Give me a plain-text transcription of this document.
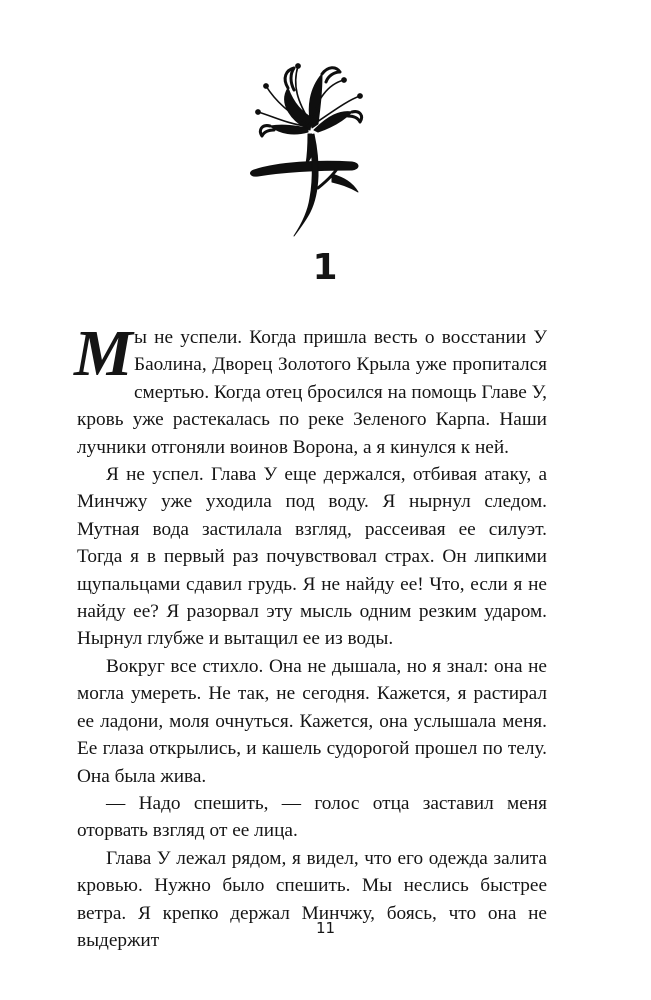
1

М ы не успели. Когда пришла весть о восстании У Баолина, Дворец Золотого Крыла уже пропитался смертью. Когда отец бросился на помощь Главе У, кровь уже растекалась по реке Зеленого Карпа. Наши лучники отгоняли воинов Ворона, а я кинулся к ней.

Я не успел. Глава У еще держался, отбивая атаку, а Минчжу уже уходила под воду. Я нырнул следом. Мутная вода застилала взгляд, рассеивая ее силуэт. Тогда я в первый раз почувствовал страх. Он липкими щупальцами сдавил грудь. Я не найду ее! Что, если я не найду ее? Я разорвал эту мысль одним резким ударом. Нырнул глубже и вытащил ее из воды.

Вокруг все стихло. Она не дышала, но я знал: она не могла умереть. Не так, не сегодня. Кажется, я растирал ее ладони, моля очнуться. Кажется, она услышала меня. Ее глаза открылись, и кашель судорогой прошел по телу. Она была жива.

— Надо спешить, — голос отца заставил меня оторвать взгляд от ее лица.

Глава У лежал рядом, я видел, что его одежда залита кровью. Нужно было спешить. Мы неслись быстрее ветра. Я крепко держал Минчжу, боясь, что она не выдержит

11
